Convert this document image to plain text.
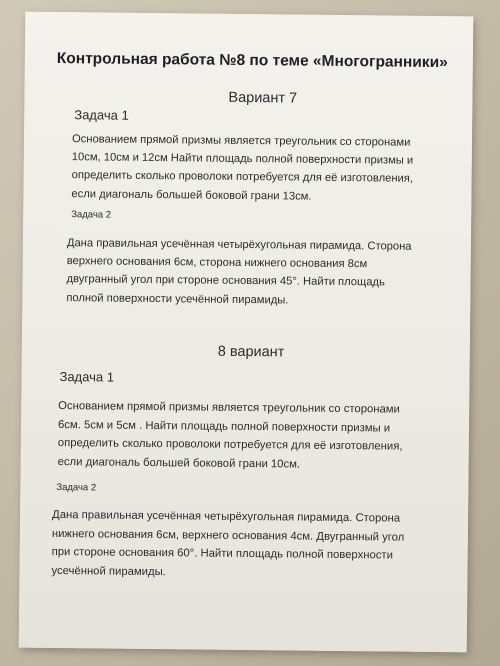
Контрольная работа №8 по теме «Многогранники»
Вариант 7
Задача 1
Основанием прямой призмы является треугольник со сторонами
10см, 10см и 12см Найти площадь полной поверхности призмы и
определить сколько проволоки потребуется для её изготовления,
если диагональ большей боковой грани 13см.
Задача 2
Дана правильная усечённая четырёхугольная пирамида. Сторона
верхнего основания 6см, сторона нижнего основания 8см
двугранный угол при стороне основания 45°. Найти площадь
полной поверхности усечённой пирамиды.
8 вариант
Задача 1
Основанием прямой призмы является треугольник со сторонами
6см. 5см и 5см . Найти площадь полной поверхности призмы и
определить сколько проволоки потребуется для её изготовления,
если диагональ большей боковой грани 10см.
Задача 2
Дана правильная усечённая четырёхугольная пирамида. Сторона
нижнего основания 6см, верхнего основания 4см. Двугранный угол
при стороне основания 60°. Найти площадь полной поверхности
усечённой пирамиды.
